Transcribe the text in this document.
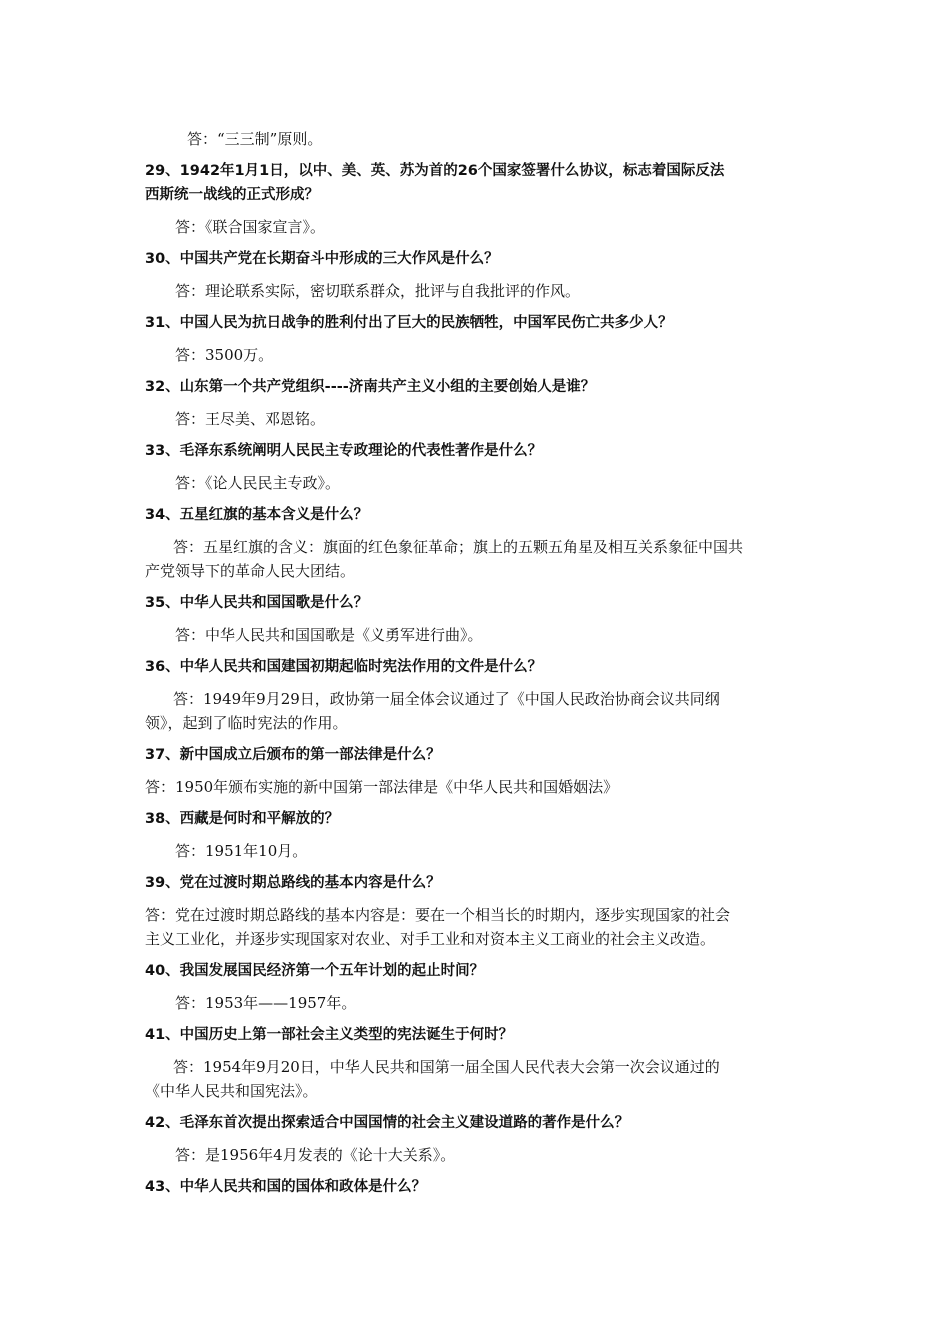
答：“三三制”原则。
29、1942年1月1日，以中、美、英、苏为首的26个国家签署什么协议，标志着国际反法
西斯统一战线的正式形成？
答：《联合国家宣言》。
30、中国共产党在长期奋斗中形成的三大作风是什么？
答：理论联系实际，密切联系群众，批评与自我批评的作风。
31、中国人民为抗日战争的胜利付出了巨大的民族牺牲，中国军民伤亡共多少人？
答：3500万。
32、山东第一个共产党组织----济南共产主义小组的主要创始人是谁？
答：王尽美、邓恩铭。
33、毛泽东系统阐明人民民主专政理论的代表性著作是什么？
答：《论人民民主专政》。
34、五星红旗的基本含义是什么？
答：五星红旗的含义：旗面的红色象征革命；旗上的五颗五角星及相互关系象征中国共
产党领导下的革命人民大团结。
35、中华人民共和国国歌是什么？
答：中华人民共和国国歌是《义勇军进行曲》。
36、中华人民共和国建国初期起临时宪法作用的文件是什么？
答：1949年9月29日，政协第一届全体会议通过了《中国人民政治协商会议共同纲
领》，起到了临时宪法的作用。
37、新中国成立后颁布的第一部法律是什么？
答：1950年颁布实施的新中国第一部法律是《中华人民共和国婚姻法》
38、西藏是何时和平解放的？
答：1951年10月。
39、党在过渡时期总路线的基本内容是什么？
答：党在过渡时期总路线的基本内容是：要在一个相当长的时期内，逐步实现国家的社会
主义工业化，并逐步实现国家对农业、对手工业和对资本主义工商业的社会主义改造。
40、我国发展国民经济第一个五年计划的起止时间？
答：1953年——1957年。
41、中国历史上第一部社会主义类型的宪法诞生于何时？
答：1954年9月20日，中华人民共和国第一届全国人民代表大会第一次会议通过的
《中华人民共和国宪法》。
42、毛泽东首次提出探索适合中国国情的社会主义建设道路的著作是什么？
答：是1956年4月发表的《论十大关系》。
43、中华人民共和国的国体和政体是什么？
